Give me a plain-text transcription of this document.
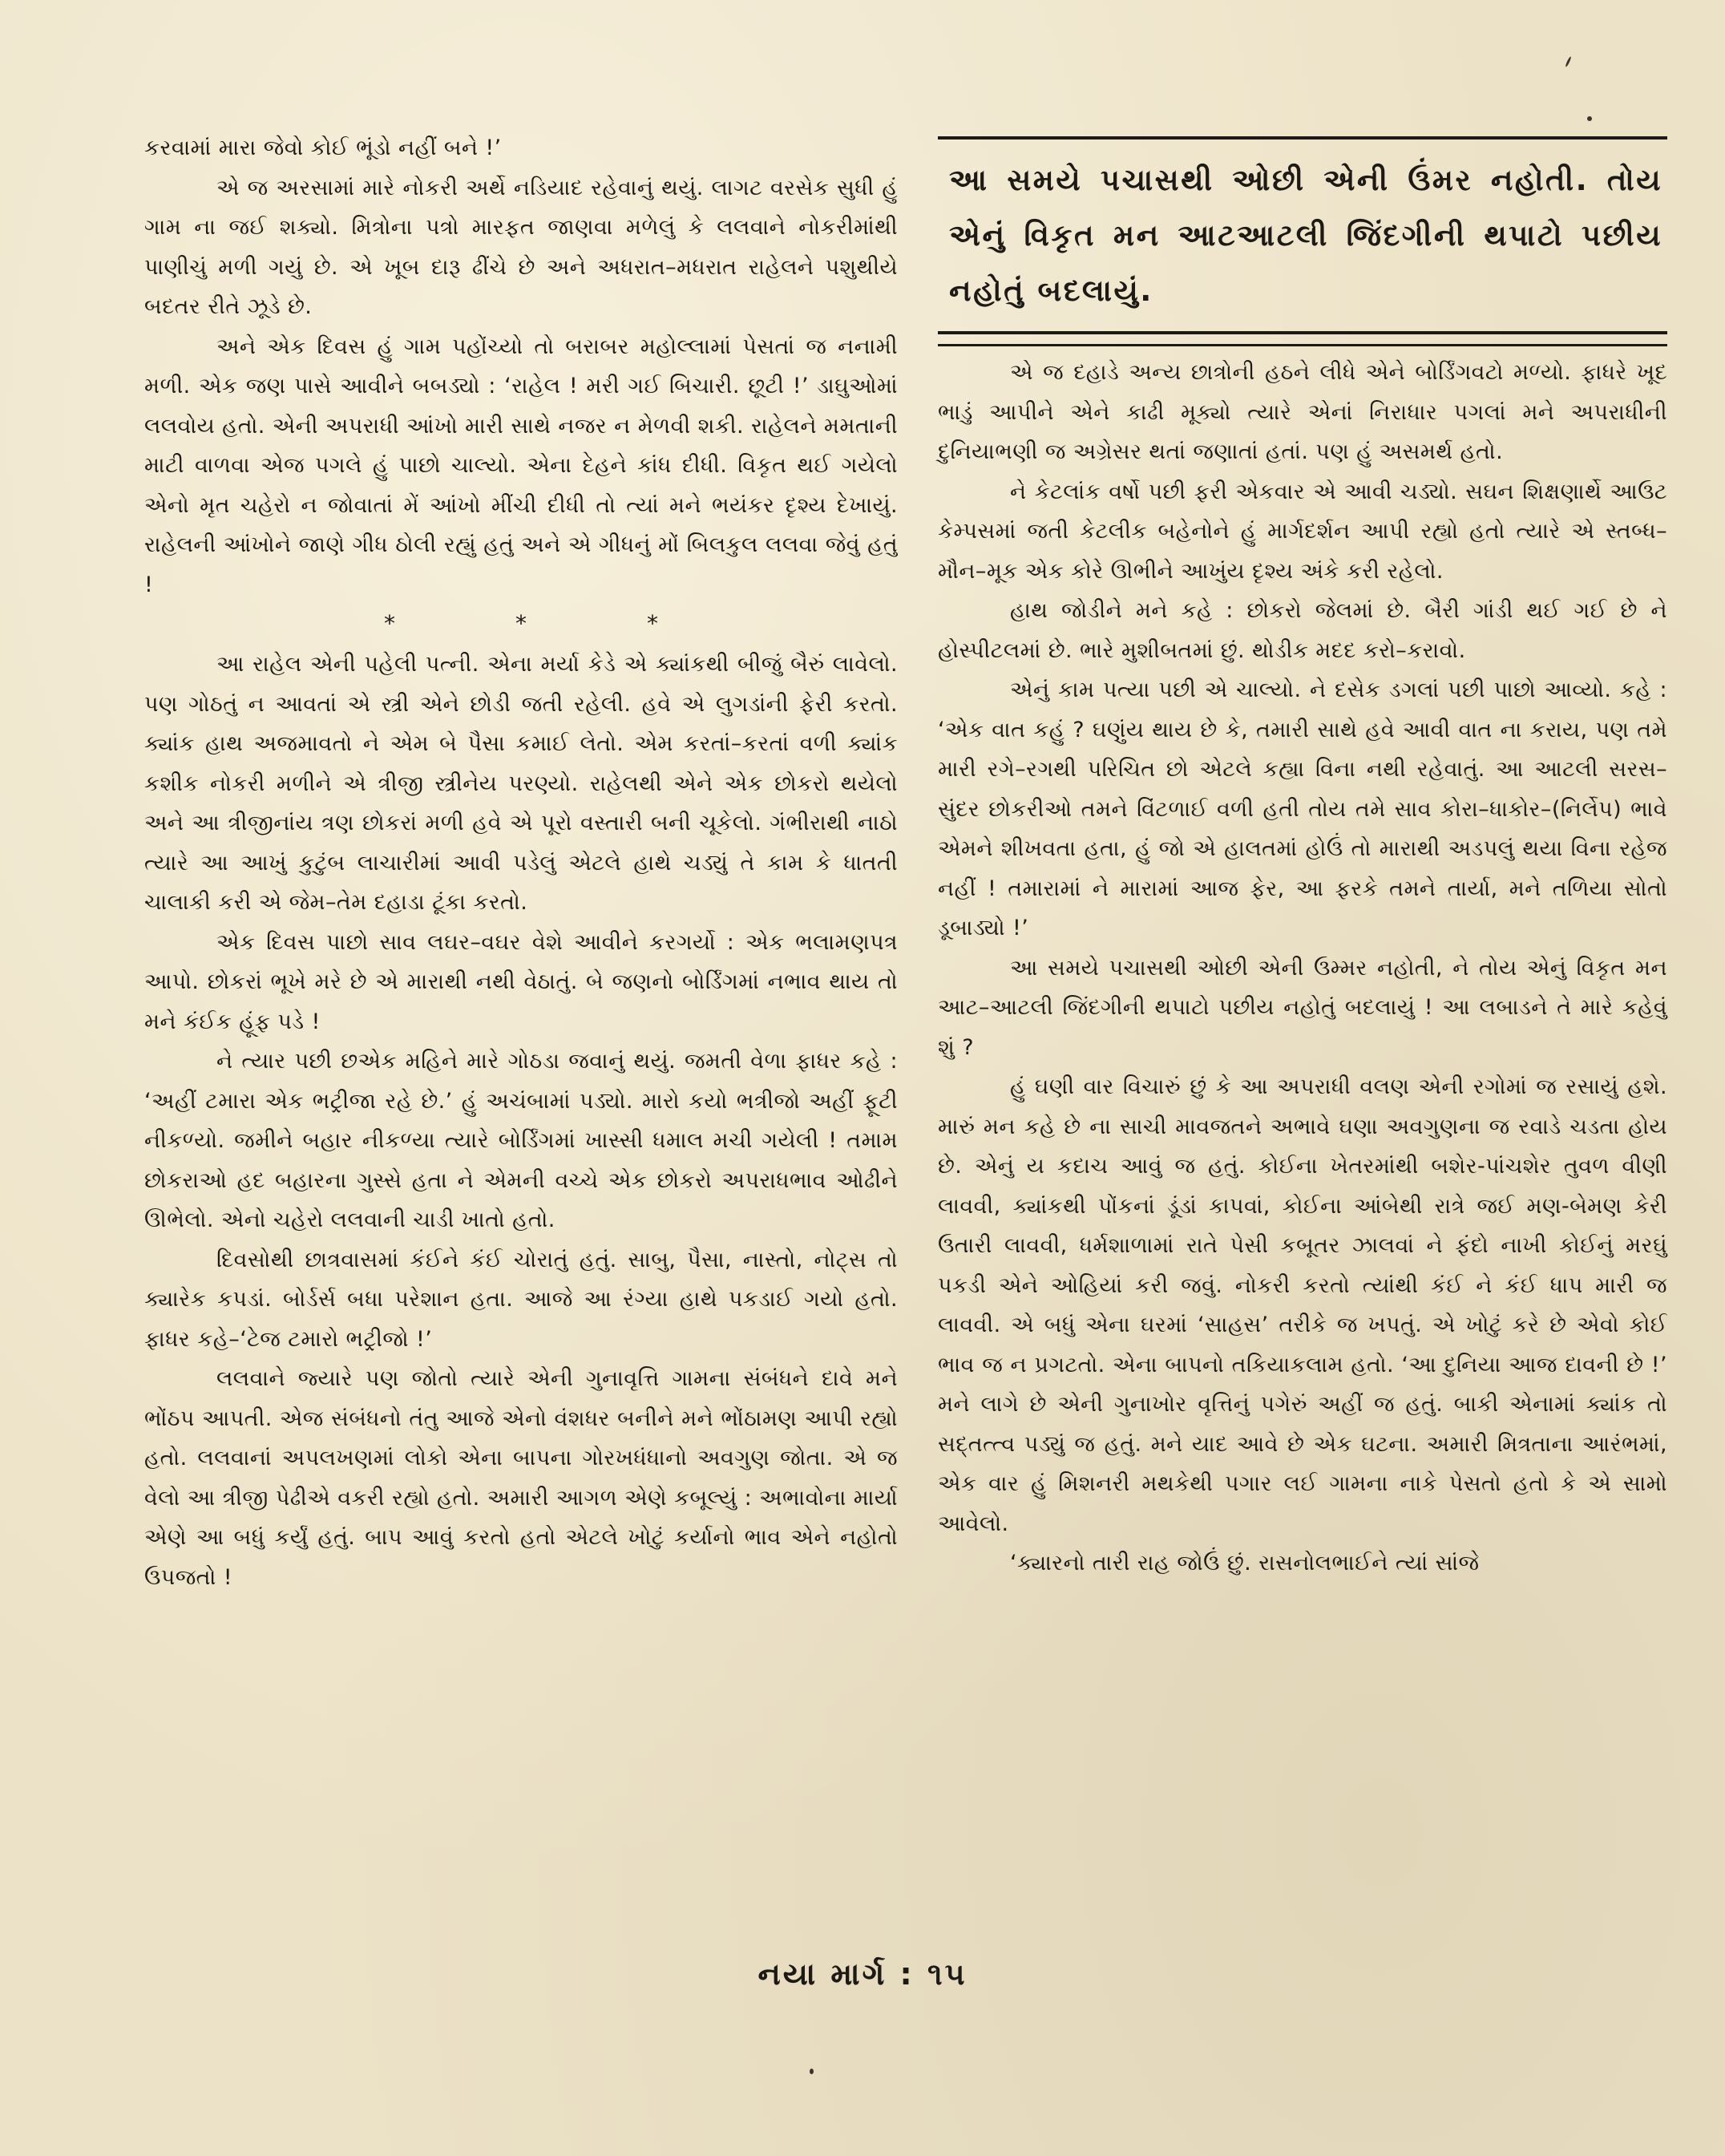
કરવામાં મારા જેવો કોઈ ભૂંડો નહીં બને !’

એ જ અરસામાં મારે નોકરી અર્થે નડિયાદ રહેવાનું થયું. લાગટ વરસેક સુધી હું ગામ ના જઈ શક્યો. મિત્રોના પત્રો મારફત જાણવા મળેલું કે લલવાને નોકરીમાંથી પાણીચું મળી ગયું છે. એ ખૂબ દારૂ ઢીંચે છે અને અધરાત–મધરાત રાહેલને પશુથીયે બદતર રીતે ઝૂડે છે.

અને એક દિવસ હું ગામ પહોંચ્યો તો બરાબર મહોલ્લામાં પેસતાં જ નનામી મળી. એક જણ પાસે આવીને બબડ્યો : ‘રાહેલ ! મરી ગઈ બિચારી. છૂટી !’ ડાઘુઓમાં લલવોય હતો. એની અપરાધી આંખો મારી સાથે નજર ન મેળવી શકી. રાહેલને મમતાની માટી વાળવા એજ પગલે હું પાછો ચાલ્યો. એના દેહને કાંધ દીધી. વિકૃત થઈ ગયેલો એનો મૃત ચહેરો ન જોવાતાં મેં આંખો મીંચી દીધી તો ત્યાં મને ભયંકર દૃશ્ય દેખાયું. રાહેલની આંખોને જાણે ગીધ ઠોલી રહ્યું હતું અને એ ગીધનું મોં બિલકુલ લલવા જેવું હતું !

*	*	*

આ રાહેલ એની પહેલી પત્ની. એના મર્યા કેડે એ ક્યાંકથી બીજું બૈરું લાવેલો. પણ ગોઠતું ન આવતાં એ સ્ત્રી એને છોડી જતી રહેલી. હવે એ લુગડાંની ફેરી કરતો. ક્યાંક હાથ અજમાવતો ને એમ બે પૈસા કમાઈ લેતો. એમ કરતાં–કરતાં વળી ક્યાંક કશીક નોકરી મળીને એ ત્રીજી સ્ત્રીનેય પરણ્યો. રાહેલથી એને એક છોકરો થયેલો અને આ ત્રીજીનાંય ત્રણ છોકરાં મળી હવે એ પૂરો વસ્તારી બની ચૂકેલો. ગંભીરાથી નાઠો ત્યારે આ આખું કુટુંબ લાચારીમાં આવી પડેલું એટલે હાથે ચડ્યું તે કામ કે ધાતતી ચાલાકી કરી એ જેમ–તેમ દહાડા ટૂંકા કરતો.

એક દિવસ પાછો સાવ લઘર–વઘર વેશે આવીને કરગર્યો : એક ભલામણપત્ર આપો. છોકરાં ભૂખે મરે છે એ મારાથી નથી વેઠાતું. બે જણનો બોર્ડિંગમાં નભાવ થાય તો મને કંઈક હૂંફ પડે !

ને ત્યાર પછી છએક મહિને મારે ગોઠડા જવાનું થયું. જમતી વેળા ફાધર કહે : ‘અહીં ટમારા એક ભટ્રીજા રહે છે.’ હું અચંબામાં પડ્યો. મારો કયો ભત્રીજો અહીં ફૂટી નીકળ્યો. જમીને બહાર નીકળ્યા ત્યારે બોર્ડિંગમાં ખાસ્સી ધમાલ મચી ગયેલી ! તમામ છોકરાઓ હદ બહારના ગુસ્સે હતા ને એમની વચ્ચે એક છોકરો અપરાધભાવ ઓઢીને ઊભેલો. એનો ચહેરો લલવાની ચાડી ખાતો હતો.

દિવસોથી છાત્રવાસમાં કંઈને કંઈ ચોરાતું હતું. સાબુ, પૈસા, નાસ્તો, નોટ્સ તો ક્યારેક કપડાં. બોર્ડર્સ બધા પરેશાન હતા. આજે આ રંગ્યા હાથે પકડાઈ ગયો હતો. ફાધર કહે–‘ટેજ ટમારો ભટ્રીજો !’

લલવાને જ્યારે પણ જોતો ત્યારે એની ગુનાવૃત્તિ ગામના સંબંધને દાવે મને ભોંઠપ આપતી. એજ સંબંધનો તંતુ આજે એનો વંશધર બનીને મને ભોંઠામણ આપી રહ્યો હતો. લલવાનાં અપલખણમાં લોકો એના બાપના ગોરખધંધાનો અવગુણ જોતા. એ જ વેલો આ ત્રીજી પેઢીએ વકરી રહ્યો હતો. અમારી આગળ એણે કબૂલ્યું : અભાવોના માર્યા એણે આ બધું કર્યું હતું. બાપ આવું કરતો હતો એટલે ખોટું કર્યાનો ભાવ એને નહોતો ઉપજતો !

આ સમયે પચાસથી ઓછી એની ઉંમર નહોતી. તોય એનું વિકૃત મન આટઆટલી જિંદગીની થપાટો પછીય નહોતું બદલાયું.

એ જ દહાડે અન્ય છાત્રોની હઠને લીધે એને બોર્ડિંગવટો મળ્યો. ફાધરે ખૂદ ભાડું આપીને એને કાઢી મૂક્યો ત્યારે એનાં નિરાધાર પગલાં મને અપરાધીની દુનિયાભણી જ અગ્રેસર થતાં જણાતાં હતાં. પણ હું અસમર્થ હતો.

ને કેટલાંક વર્ષો પછી ફરી એકવાર એ આવી ચડ્યો. સઘન શિક્ષણાર્થે આઉટ કેમ્પસમાં જતી કેટલીક બહેનોને હું માર્ગદર્શન આપી રહ્યો હતો ત્યારે એ સ્તબ્ધ–મૌન–મૂક એક કોરે ઊભીને આખુંય દૃશ્ય અંકે કરી રહેલો.

હાથ જોડીને મને કહે : છોકરો જેલમાં છે. બૈરી ગાંડી થઈ ગઈ છે ને હોસ્પીટલમાં છે. ભારે મુશીબતમાં છું. થોડીક મદદ કરો–કરાવો.

એનું કામ પત્યા પછી એ ચાલ્યો. ને દસેક ડગલાં પછી પાછો આવ્યો. કહે : ‘એક વાત કહું ? ઘણુંય થાય છે કે, તમારી સાથે હવે આવી વાત ના કરાય, પણ તમે મારી રગે–રગથી પરિચિત છો એટલે કહ્યા વિના નથી રહેવાતું. આ આટલી સરસ–સુંદર છોકરીઓ તમને વિંટળાઈ વળી હતી તોય તમે સાવ કોરા–ધાકોર–(નિર્લેપ) ભાવે એમને શીખવતા હતા, હું જો એ હાલતમાં હોઉં તો મારાથી અડપલું થયા વિના રહેજ નહીં ! તમારામાં ને મારામાં આજ ફેર, આ ફરકે તમને તાર્યા, મને તળિયા સોતો ડૂબાડ્યો !’

આ સમયે પચાસથી ઓછી એની ઉમ્મર નહોતી, ને તોય એનું વિકૃત મન આટ–આટલી જિંદગીની થપાટો પછીય નહોતું બદલાયું ! આ લબાડને તે મારે કહેવું શું ?

હું ઘણી વાર વિચારું છું કે આ અપરાધી વલણ એની રગોમાં જ રસાયું હશે. મારું મન કહે છે ના સાચી માવજતને અભાવે ઘણા અવગુણના જ રવાડે ચડતા હોય છે. એનું ય કદાચ આવું જ હતું. કોઈના ખેતરમાંથી બશેર-પાંચશેર તુવળ વીણી લાવવી, ક્યાંકથી પોંકનાં ડૂંડાં કાપવાં, કોઈના આંબેથી રાત્રે જઈ મણ-બેમણ કેરી ઉતારી લાવવી, ધર્મશાળામાં રાતે પેસી કબૂતર ઝાલવાં ને ફંદો નાખી કોઈનું મરઘું પકડી એને ઓહિયાં કરી જવું. નોકરી કરતો ત્યાંથી કંઈ ને કંઈ ધાપ મારી જ લાવવી. એ બધું એના ઘરમાં ‘સાહસ’ તરીકે જ ખપતું. એ ખોટું કરે છે એવો કોઈ ભાવ જ ન પ્રગટતો. એના બાપનો તકિયાકલામ હતો. ‘આ દુનિયા આજ દાવની છે !’ મને લાગે છે એની ગુનાખોર વૃત્તિનું પગેરું અહીં જ હતું. બાકી એનામાં ક્યાંક તો સદ્તત્ત્વ પડ્યું જ હતું. મને યાદ આવે છે એક ઘટના. અમારી મિત્રતાના આરંભમાં, એક વાર હું મિશનરી મથકેથી પગાર લઈ ગામના નાકે પેસતો હતો કે એ સામો આવેલો.

‘ક્યારનો તારી રાહ જોઉં છું. રાસનોલભાઈને ત્યાં સાંજે

નયા માર્ગ : ૧૫
